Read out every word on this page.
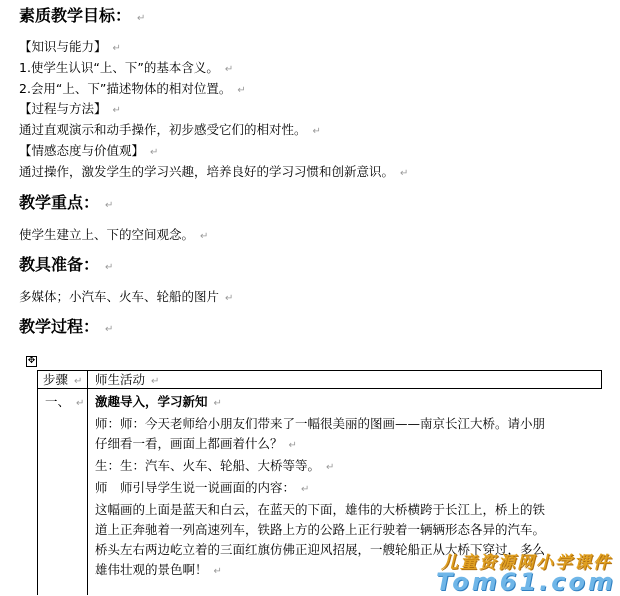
素质教学目标： ↵
【知识与能力】 ↵
1.使学生认识“上、下”的基本含义。 ↵
2.会用“上、下”描述物体的相对位置。 ↵
【过程与方法】 ↵
通过直观演示和动手操作，初步感受它们的相对性。 ↵
【情感态度与价值观】 ↵
通过操作，激发学生的学习兴趣，培养良好的学习习惯和创新意识。 ↵
教学重点： ↵
使学生建立上、下的空间观念。 ↵
教具准备： ↵
多媒体；小汽车、火车、轮船的图片 ↵
教学过程： ↵
✥
步骤 ↵ 师生活动 ↵
一、 ↵ 激趣导入，学习新知 ↵
师：师：今天老师给小朋友们带来了一幅很美丽的图画——南京长江大桥。请小朋
仔细看一看，画面上都画着什么？ ↵
生：生：汽车、火车、轮船、大桥等等。 ↵
师　师引导学生说一说画面的内容： ↵
这幅画的上面是蓝天和白云，在蓝天的下面，雄伟的大桥横跨于长江上，桥上的铁
道上正奔驰着一列高速列车，铁路上方的公路上正行驶着一辆辆形态各异的汽车。
桥头左右两边屹立着的三面红旗仿佛正迎风招展，一艘轮船正从大桥下穿过，多么
雄伟壮观的景色啊！ ↵	儿童资源网小学课件
Tom61.com
